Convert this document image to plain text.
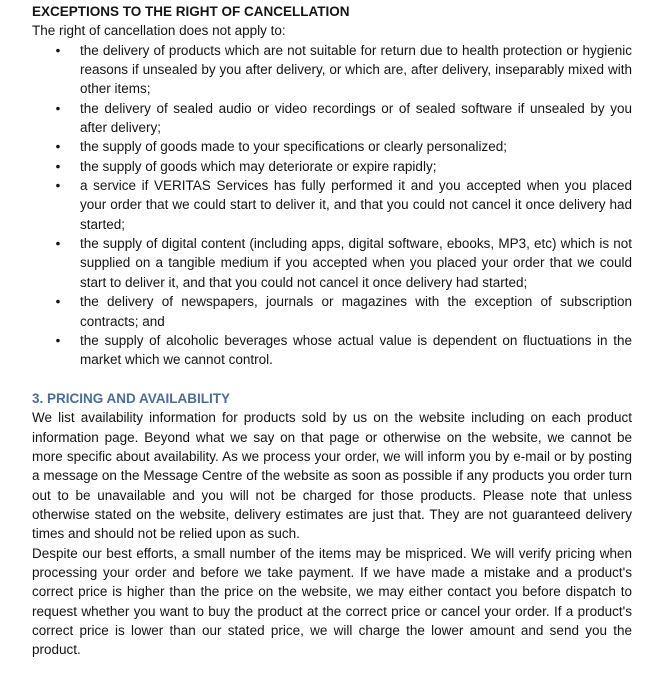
EXCEPTIONS TO THE RIGHT OF CANCELLATION

The right of cancellation does not apply to:

● the delivery of products which are not suitable for return due to health protection or hygienic reasons if unsealed by you after delivery, or which are, after delivery, inseparably mixed with other items;
● the delivery of sealed audio or video recordings or of sealed software if unsealed by you after delivery;
● the supply of goods made to your specifications or clearly personalized;
● the supply of goods which may deteriorate or expire rapidly;
● a service if VERITAS Services has fully performed it and you accepted when you placed your order that we could start to deliver it, and that you could not cancel it once delivery had started;
● the supply of digital content (including apps, digital software, ebooks, MP3, etc) which is not supplied on a tangible medium if you accepted when you placed your order that we could start to deliver it, and that you could not cancel it once delivery had started;
● the delivery of newspapers, journals or magazines with the exception of subscription contracts; and
● the supply of alcoholic beverages whose actual value is dependent on fluctuations in the market which we cannot control.
3. PRICING AND AVAILABILITY

We list availability information for products sold by us on the website including on each product information page. Beyond what we say on that page or otherwise on the website, we cannot be more specific about availability. As we process your order, we will inform you by e-mail or by posting a message on the Message Centre of the website as soon as possible if any products you order turn out to be unavailable and you will not be charged for those products. Please note that unless otherwise stated on the website, delivery estimates are just that. They are not guaranteed delivery times and should not be relied upon as such.

Despite our best efforts, a small number of the items may be mispriced. We will verify pricing when processing your order and before we take payment. If we have made a mistake and a product's correct price is higher than the price on the website, we may either contact you before dispatch to request whether you want to buy the product at the correct price or cancel your order. If a product's correct price is lower than our stated price, we will charge the lower amount and send you the product.
